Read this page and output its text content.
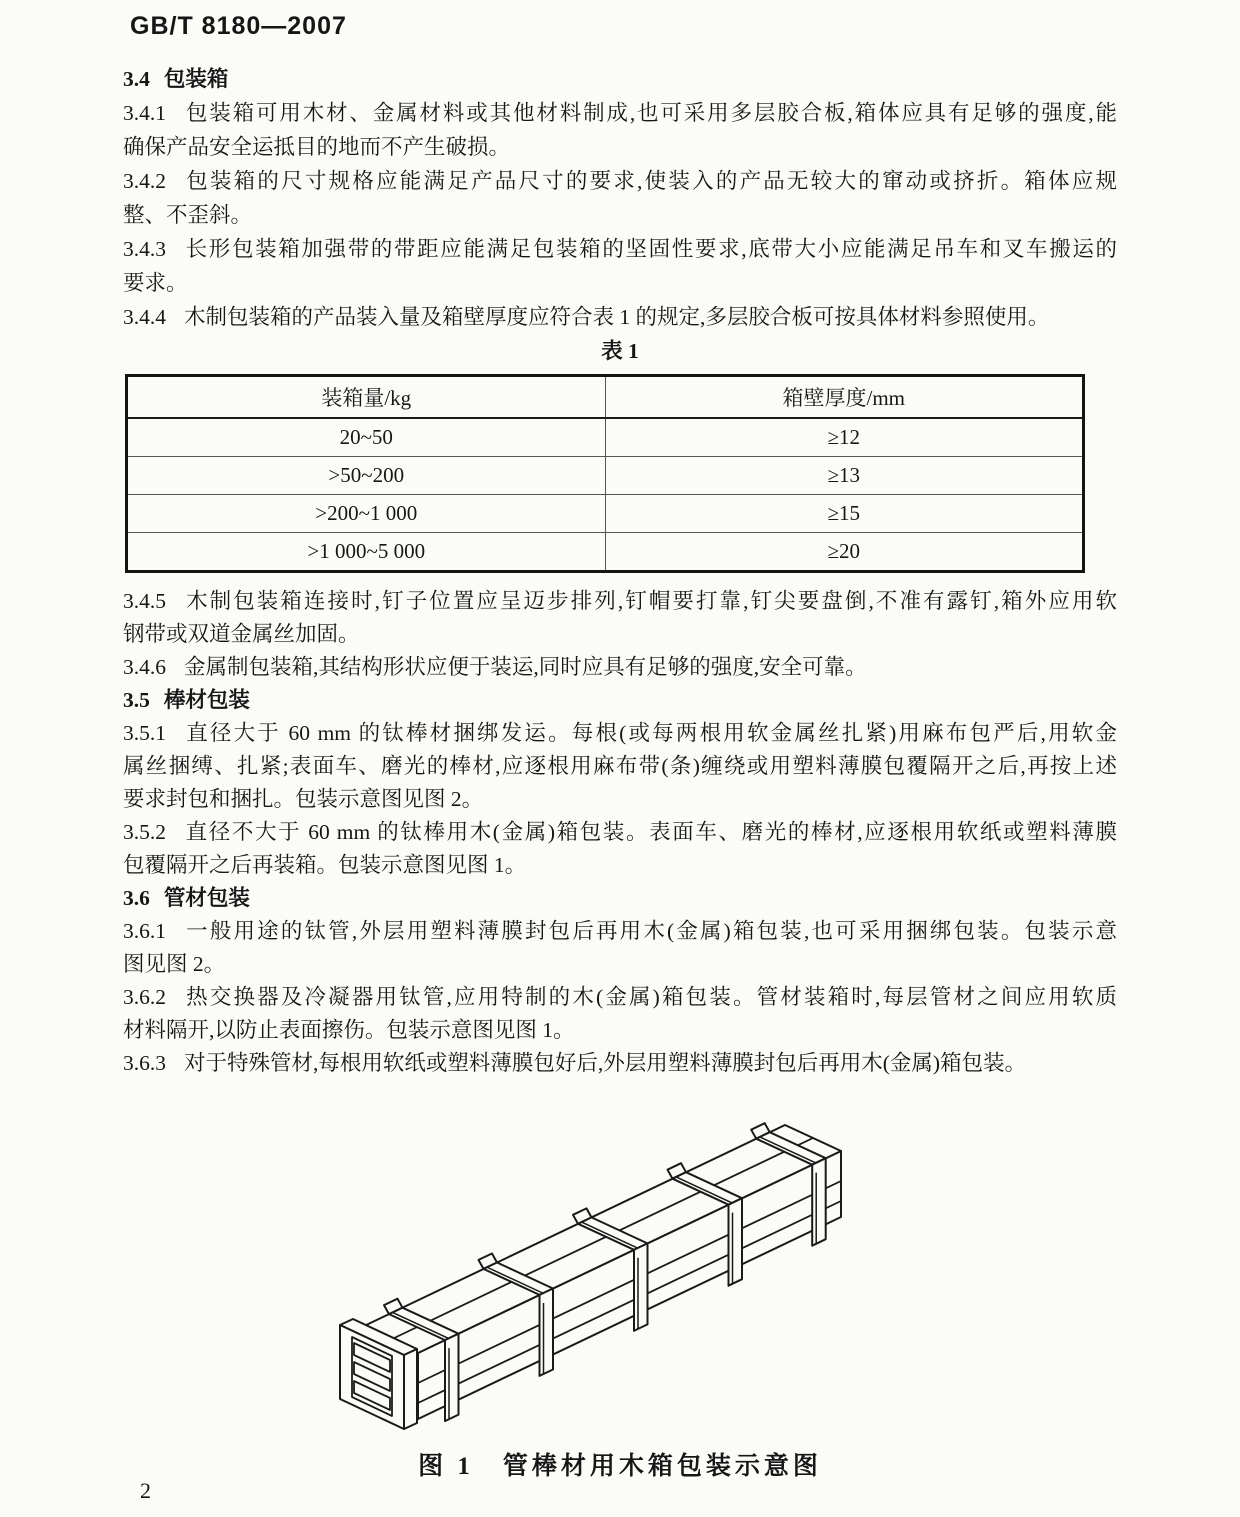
GB/T 8180—2007
3.4 包装箱
3.4.1 包装箱可用木材、金属材料或其他材料制成,也可采用多层胶合板,箱体应具有足够的强度,能
确保产品安全运抵目的地而不产生破损。
3.4.2 包装箱的尺寸规格应能满足产品尺寸的要求,使装入的产品无较大的窜动或挤折。箱体应规
整、不歪斜。
3.4.3 长形包装箱加强带的带距应能满足包装箱的坚固性要求,底带大小应能满足吊车和叉车搬运的
要求。
3.4.4 木制包装箱的产品装入量及箱壁厚度应符合表 1 的规定,多层胶合板可按具体材料参照使用。
表 1
装箱量/kg	箱壁厚度/mm
20~50	≥12
>50~200	≥13
>200~1 000	≥15
>1 000~5 000	≥20
3.4.5 木制包装箱连接时,钉子位置应呈迈步排列,钉帽要打靠,钉尖要盘倒,不准有露钉,箱外应用软
钢带或双道金属丝加固。
3.4.6 金属制包装箱,其结构形状应便于装运,同时应具有足够的强度,安全可靠。
3.5 棒材包装
3.5.1 直径大于 60 mm 的钛棒材捆绑发运。每根(或每两根用软金属丝扎紧)用麻布包严后,用软金
属丝捆缚、扎紧;表面车、磨光的棒材,应逐根用麻布带(条)缠绕或用塑料薄膜包覆隔开之后,再按上述
要求封包和捆扎。包装示意图见图 2。
3.5.2 直径不大于 60 mm 的钛棒用木(金属)箱包装。表面车、磨光的棒材,应逐根用软纸或塑料薄膜
包覆隔开之后再装箱。包装示意图见图 1。
3.6 管材包装
3.6.1 一般用途的钛管,外层用塑料薄膜封包后再用木(金属)箱包装,也可采用捆绑包装。包装示意
图见图 2。
3.6.2 热交换器及冷凝器用钛管,应用特制的木(金属)箱包装。管材装箱时,每层管材之间应用软质
材料隔开,以防止表面擦伤。包装示意图见图 1。
3.6.3 对于特殊管材,每根用软纸或塑料薄膜包好后,外层用塑料薄膜封包后再用木(金属)箱包装。
图 1　管棒材用木箱包装示意图
2
